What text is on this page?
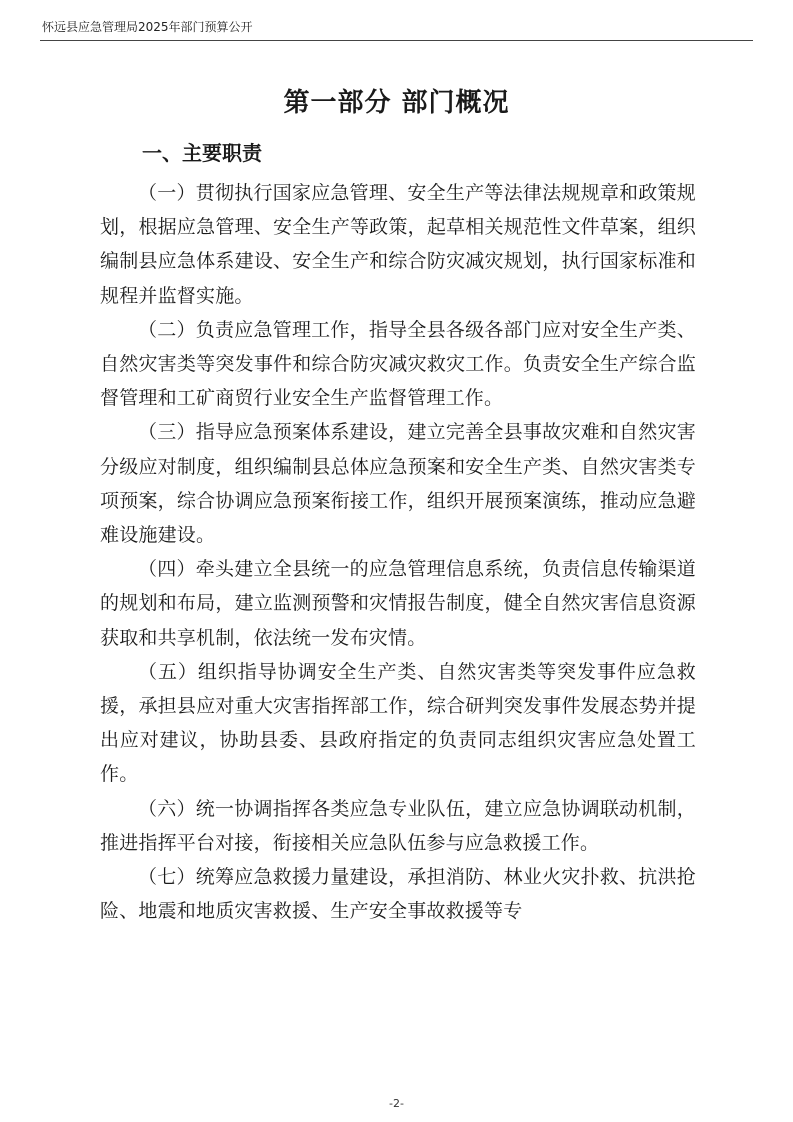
怀远县应急管理局2025年部门预算公开
第一部分 部门概况
一、主要职责

（一）贯彻执行国家应急管理、安全生产等法律法规规章和政策规划，根据应急管理、安全生产等政策，起草相关规范性文件草案，组织编制县应急体系建设、安全生产和综合防灾减灾规划，执行国家标准和规程并监督实施。

（二）负责应急管理工作，指导全县各级各部门应对安全生产类、自然灾害类等突发事件和综合防灾减灾救灾工作。负责安全生产综合监督管理和工矿商贸行业安全生产监督管理工作。

（三）指导应急预案体系建设，建立完善全县事故灾难和自然灾害分级应对制度，组织编制县总体应急预案和安全生产类、自然灾害类专项预案，综合协调应急预案衔接工作，组织开展预案演练，推动应急避难设施建设。

（四）牵头建立全县统一的应急管理信息系统，负责信息传输渠道的规划和布局，建立监测预警和灾情报告制度，健全自然灾害信息资源获取和共享机制，依法统一发布灾情。

（五）组织指导协调安全生产类、自然灾害类等突发事件应急救援，承担县应对重大灾害指挥部工作，综合研判突发事件发展态势并提出应对建议，协助县委、县政府指定的负责同志组织灾害应急处置工作。

（六）统一协调指挥各类应急专业队伍，建立应急协调联动机制，推进指挥平台对接，衔接相关应急队伍参与应急救援工作。

（七）统筹应急救援力量建设，承担消防、林业火灾扑救、抗洪抢险、地震和地质灾害救援、生产安全事故救援等专

-2-
